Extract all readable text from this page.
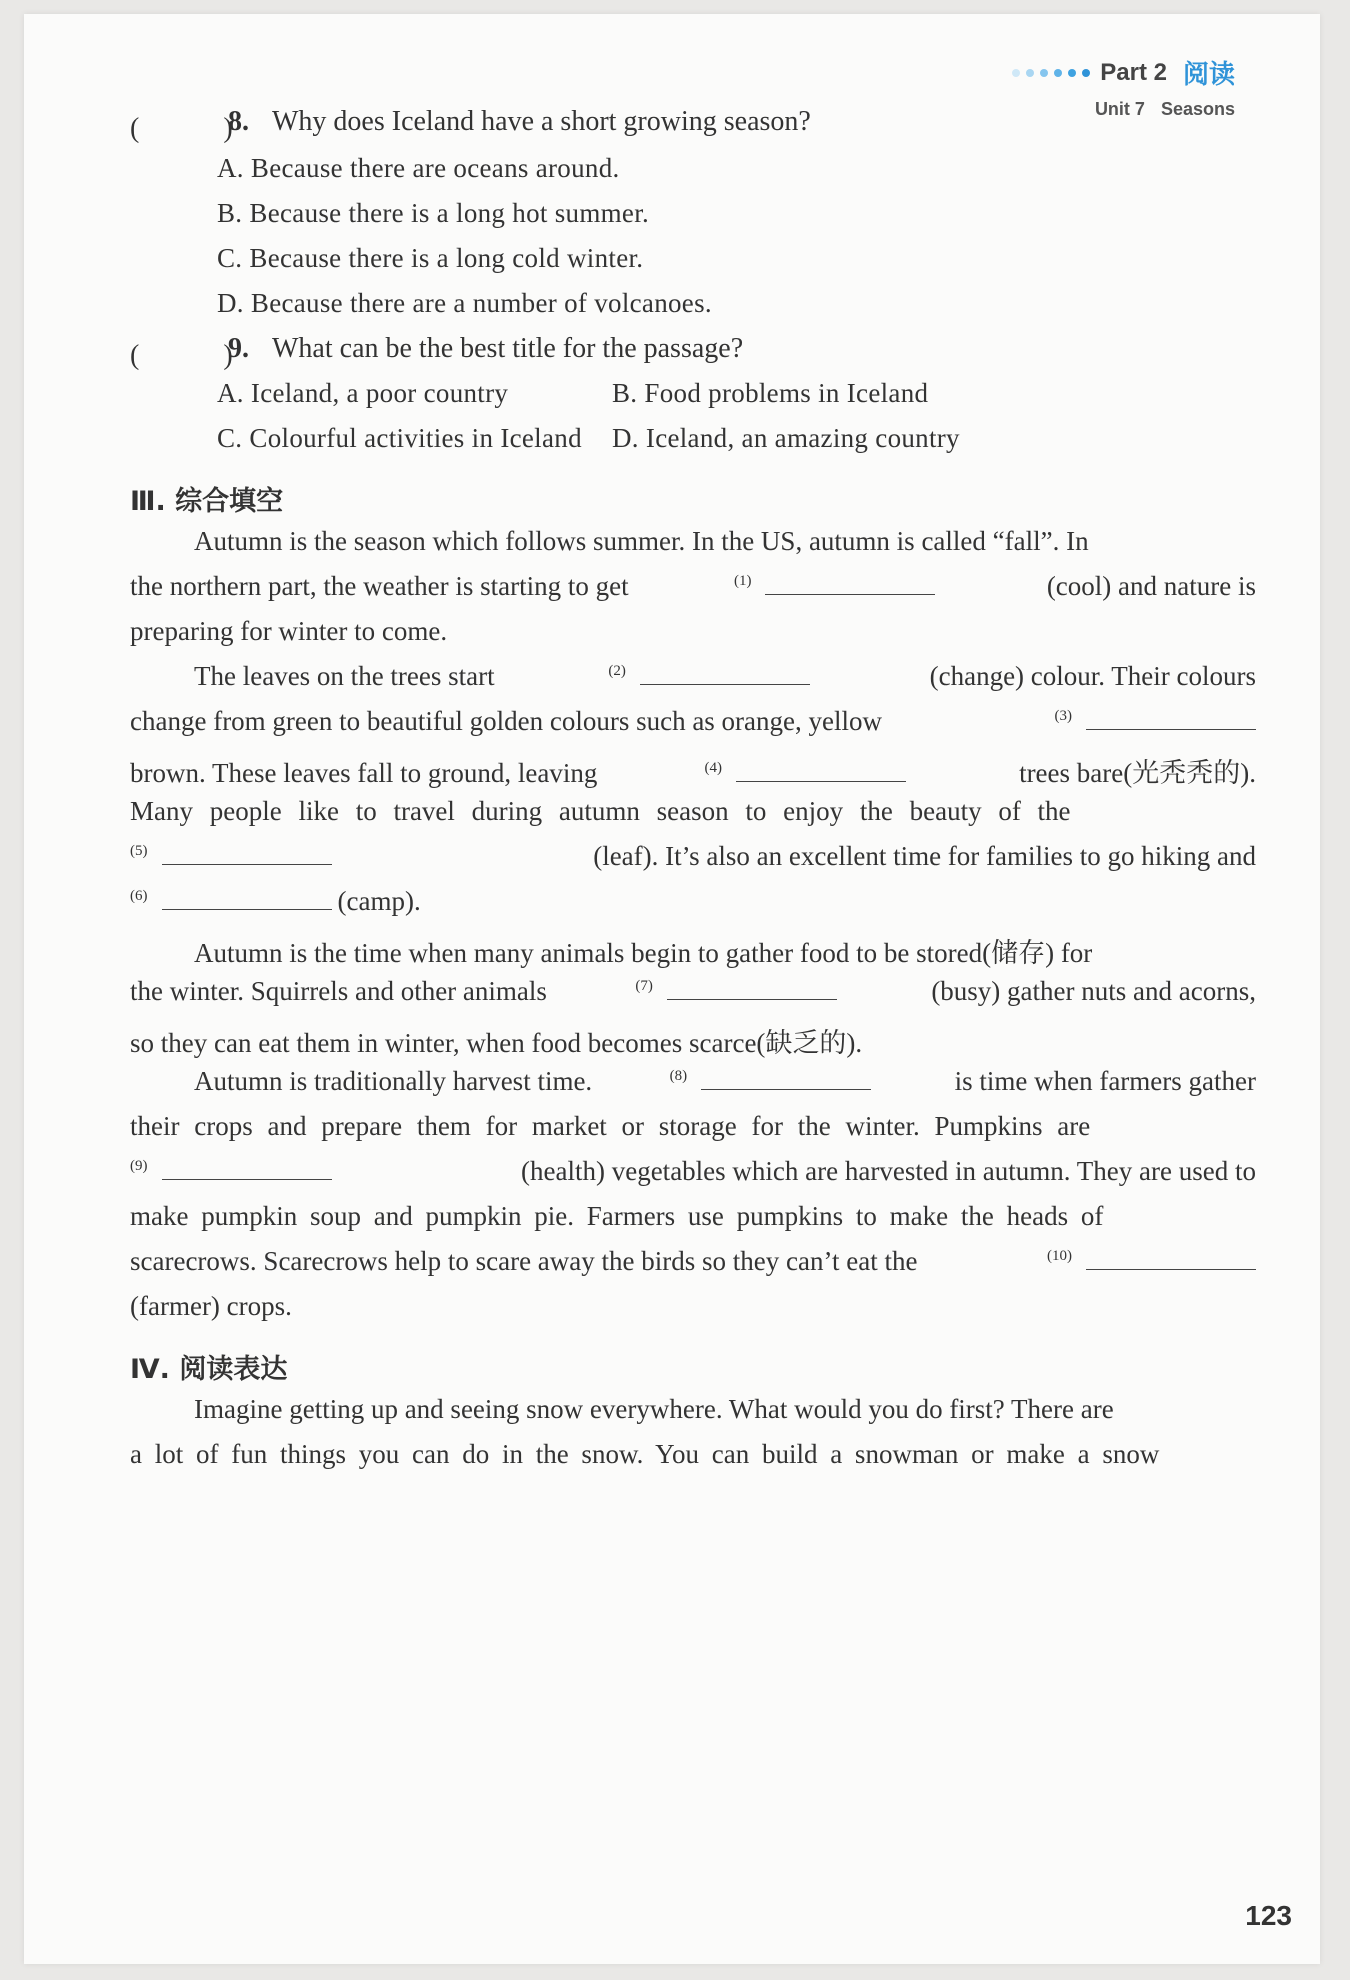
Part 2 阅读
Unit 7 Seasons
(　　　)
8. Why does Iceland have a short growing season?
A. Because there are oceans around.
B. Because there is a long hot summer.
C. Because there is a long cold winter.
D. Because there are a number of volcanoes.
(　　　)
9. What can be the best title for the passage?
A. Iceland, a poor country	B. Food problems in Iceland
C. Colourful activities in Iceland D. Iceland, an amazing country
Ⅲ. 综合填空
Autumn is the season which follows summer. In the US, autumn is called “fall”. In
the northern part, the weather is starting to get	$^{(1)}$	(cool) and nature is
preparing for winter to come.
The leaves on the trees start	$^{(2)}$	(change) colour. Their colours
change from green to beautiful golden colours such as orange, yellow	$^{(3)}$
brown. These leaves fall to ground, leaving	$^{(4)}$	trees bare(光秃秃的).
Many people like to travel during autumn season to enjoy the beauty of the
$^{(5)}$	(leaf). It’s also an excellent time for families to go hiking and
$^{(6)}$	(camp).
Autumn is the time when many animals begin to gather food to be stored(储存) for
the winter. Squirrels and other animals	$^{(7)}$	(busy) gather nuts and acorns,
so they can eat them in winter, when food becomes scarce(缺乏的).
Autumn is traditionally harvest time.	$^{(8)}$	is time when farmers gather
their crops and prepare them for market or storage for the winter. Pumpkins are
$^{(9)}$	(health) vegetables which are harvested in autumn. They are used to
make pumpkin soup and pumpkin pie. Farmers use pumpkins to make the heads of
scarecrows. Scarecrows help to scare away the birds so they can’t eat the	$^{(10)}$
(farmer) crops.
Ⅳ. 阅读表达
Imagine getting up and seeing snow everywhere. What would you do first? There are
a lot of fun things you can do in the snow. You can build a snowman or make a snow
123
